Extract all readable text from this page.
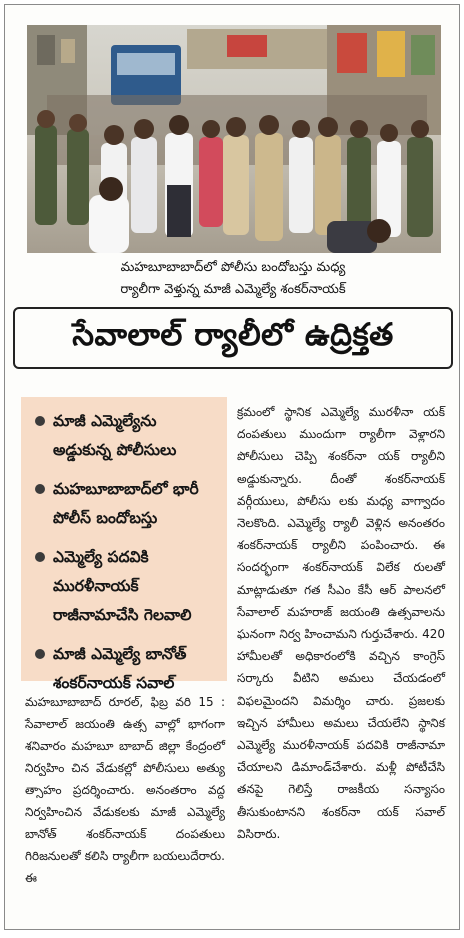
మహబూబాబాద్‌లో పోలీసు బందోబస్తు మధ్య
ర్యాలీగా వెళ్తున్న మాజీ ఎమ్మెల్యే శంకర్‌నాయక్
సేవాలాల్ ర్యాలీలో ఉద్రిక్తత
మాజీ ఎమ్మెల్యేను అడ్డుకున్న పోలీసులు
మహబూబాబాద్‌లో భారీ పోలీస్ బందోబస్తు
ఎమ్మెల్యే పదవికి మురళీనాయక్ రాజీనామాచేసి గెలవాలి
మాజీ ఎమ్మెల్యే బానోత్ శంకర్‌నాయక్ సవాల్
మహబూబాబాద్ రూరల్, ఫిబ్ర వరి 15 : సేవాలాల్ జయంతి ఉత్స వాల్లో భాగంగా శనివారం మహబూ బాబాద్ జిల్లా కేంద్రంలో నిర్వహిం చిన వేడుకల్లో పోలీసులు అత్యు త్సాహం ప్రదర్శించారు. అనంతరాం వద్ద నిర్వహించిన వేడుకలకు మాజీ ఎమ్మెల్యే బానోత్ శంకర్‌నాయక్ దంపతులు గిరిజనులతో కలిసి ర్యాలీగా బయలుదేరారు. ఈ
క్రమంలో స్థానిక ఎమ్మెల్యే మురళీనా యక్ దంపతులు ముందుగా ర్యాలీగా వెళ్లారని పోలీసులు చెప్పి శంకర్‌నా యక్ ర్యాలీని అడ్డుకున్నారు. దీంతో శంకర్‌నాయక్ వర్గీయులు, పోలీసు లకు మధ్య వాగ్వాదం నెలకొంది. ఎమ్మెల్యే ర్యాలీ వెళ్లిన అనంతరం శంకర్‌నాయక్ ర్యాలీని పంపించారు. ఈ సందర్భంగా శంకర్‌నాయక్ విలేక రులతో మాట్లాడుతూ గత సీఎం కేసీ ఆర్ పాలనలో సేవాలాల్ మహరాజ్ జయంతి ఉత్సవాలను ఘనంగా నిర్వ హించామని గుర్తుచేశారు. 420 హామీలతో అధికారంలోకి వచ్చిన కాంగ్రెస్ సర్కారు వీటిని అమలు చేయడంలో విఫలమైందని విమర్శిం చారు. ప్రజలకు ఇచ్చిన హామీలు అమలు చేయలేని స్థానిక ఎమ్మెల్యే మురళీనాయక్ పదవికి రాజీనామా చేయాలని డిమాండ్‌చేశారు. మళ్లీ పోటీచేసి తనపై గెలిస్తే రాజకీయ సన్యాసం తీసుకుంటానని శంకర్‌నా యక్ సవాల్ విసిరారు.
